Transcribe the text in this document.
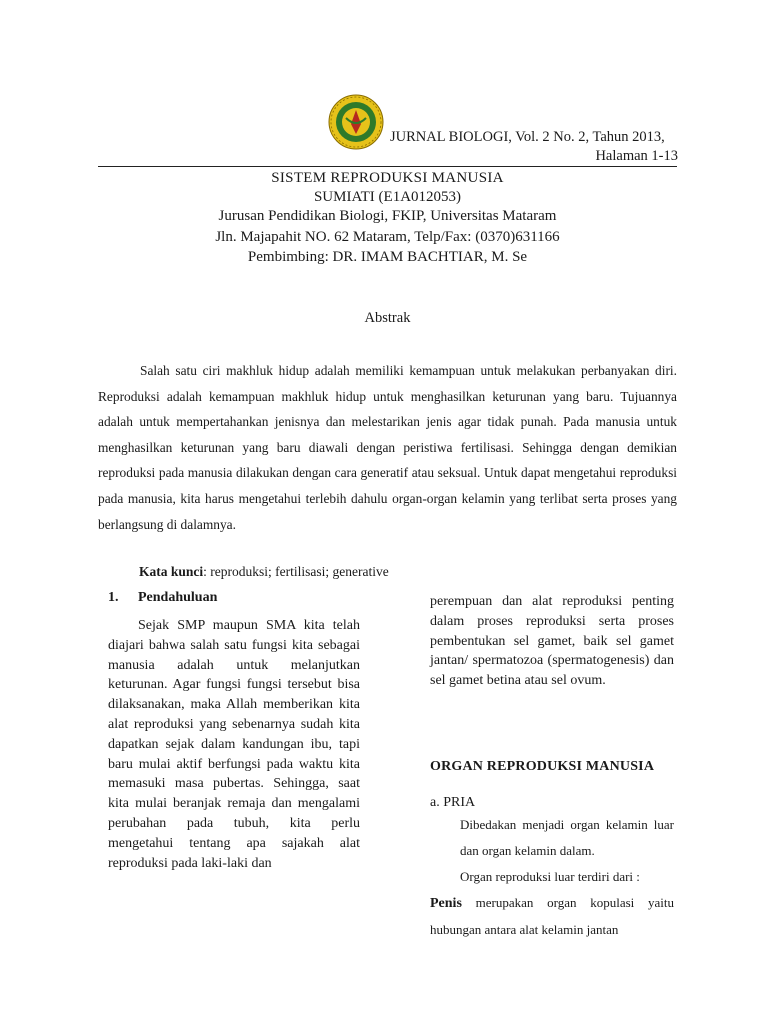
JURNAL BIOLOGI, Vol. 2 No. 2, Tahun 2013,
Halaman 1-13
SISTEM REPRODUKSI MANUSIA
SUMIATI (E1A012053)
Jurusan Pendidikan Biologi, FKIP, Universitas Mataram
Jln. Majapahit NO. 62 Mataram, Telp/Fax: (0370)631166
Pembimbing: DR. IMAM BACHTIAR, M. Se
Abstrak

Salah satu ciri makhluk hidup adalah memiliki kemampuan untuk melakukan perbanyakan diri. Reproduksi adalah kemampuan makhluk hidup untuk menghasilkan keturunan yang baru. Tujuannya adalah untuk mempertahankan jenisnya dan melestarikan jenis agar tidak punah. Pada manusia untuk menghasilkan keturunan yang baru diawali dengan peristiwa fertilisasi. Sehingga dengan demikian reproduksi pada manusia dilakukan dengan cara generatif atau seksual. Untuk dapat mengetahui reproduksi pada manusia, kita harus mengetahui terlebih dahulu organ-organ kelamin yang terlibat serta proses yang berlangsung di dalamnya.

Kata kunci: reproduksi; fertilisasi; generative
1. Pendahuluan

Sejak SMP maupun SMA kita telah diajari bahwa salah satu fungsi kita sebagai manusia adalah untuk melanjutkan keturunan. Agar fungsi fungsi tersebut bisa dilaksanakan, maka Allah memberikan kita alat reproduksi yang sebenarnya sudah kita dapatkan sejak dalam kandungan ibu, tapi baru mulai aktif berfungsi pada waktu kita memasuki masa pubertas. Sehingga, saat kita mulai beranjak remaja dan mengalami perubahan pada tubuh, kita perlu mengetahui tentang apa sajakah alat reproduksi pada laki-laki dan

perempuan dan alat reproduksi penting dalam proses reproduksi serta proses pembentukan sel gamet, baik sel gamet jantan/ spermatozoa (spermatogenesis) dan sel gamet betina atau sel ovum.

ORGAN REPRODUKSI MANUSIA
a. PRIA

Dibedakan menjadi organ kelamin luar dan organ kelamin dalam.

Organ reproduksi luar terdiri dari :

Penis merupakan organ kopulasi yaitu hubungan antara alat kelamin jantan
